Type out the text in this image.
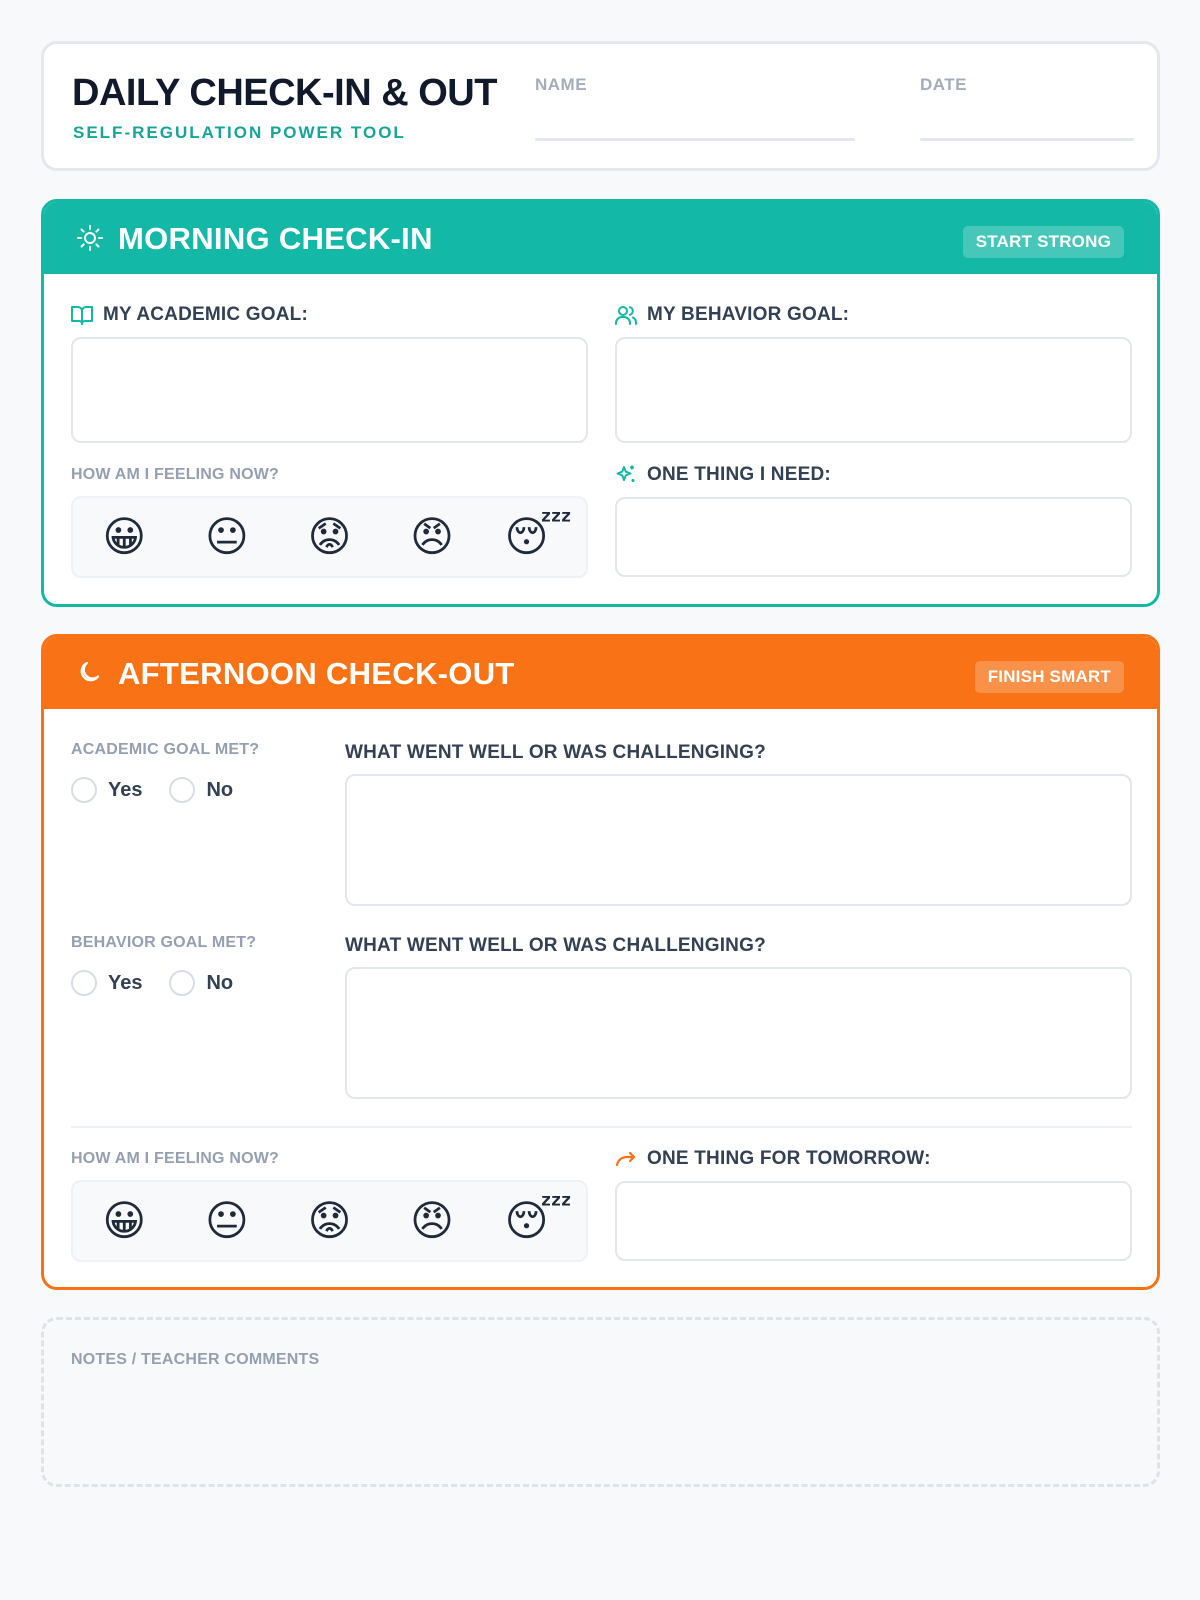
DAILY CHECK-IN & OUT
SELF-REGULATION POWER TOOL
NAME	DATE
MORNING CHECK-IN	START STRONG
MY ACADEMIC GOAL:	MY BEHAVIOR GOAL:
HOW AM I FEELING NOW?
😀 😐 😟 😠 😴
ONE THING I NEED:
AFTERNOON CHECK-OUT	FINISH SMART
ACADEMIC GOAL MET?
Yes	No
WHAT WENT WELL OR WAS CHALLENGING?
BEHAVIOR GOAL MET?
Yes	No
WHAT WENT WELL OR WAS CHALLENGING?
HOW AM I FEELING NOW?
😀 😐 😟 😠 😴
ONE THING FOR TOMORROW:
NOTES / TEACHER COMMENTS
